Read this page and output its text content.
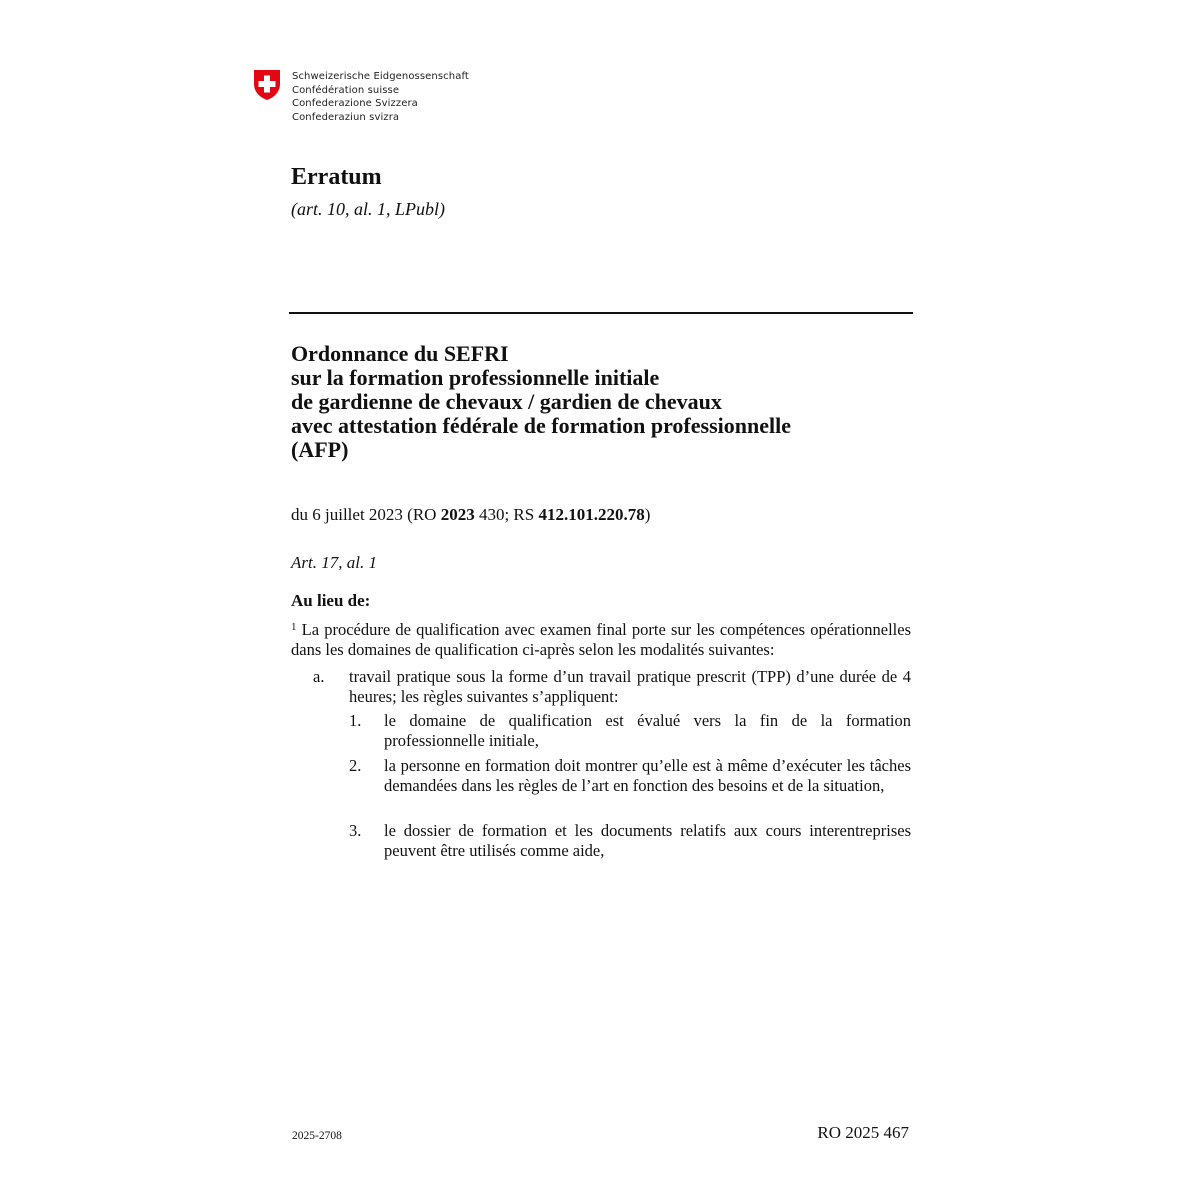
Schweizerische Eidgenossenschaft
Confédération suisse
Confederazione Svizzera
Confederaziun svizra
Erratum
(art. 10, al. 1, LPubl)
Ordonnance du SEFRI
sur la formation professionnelle initiale
de gardienne de chevaux / gardien de chevaux
avec attestation fédérale de formation professionnelle
(AFP)
du 6 juillet 2023 (RO 2023 430; RS 412.101.220.78)
Art. 17, al. 1
Au lieu de:
$^1$ La procédure de qualification avec examen final porte sur les compétences opérationnelles dans les domaines de qualification ci-après selon les modalités suivantes:
a. travail pratique sous la forme d’un travail pratique prescrit (TPP) d’une durée de 4 heures; les règles suivantes s’appliquent:
1. le domaine de qualification est évalué vers la fin de la formation professionnelle initiale,
2. la personne en formation doit montrer qu’elle est à même d’exécuter les tâches demandées dans les règles de l’art en fonction des besoins et de la situation,
3. le dossier de formation et les documents relatifs aux cours interentreprises peuvent être utilisés comme aide,
2025-2708	RO 2025 467
